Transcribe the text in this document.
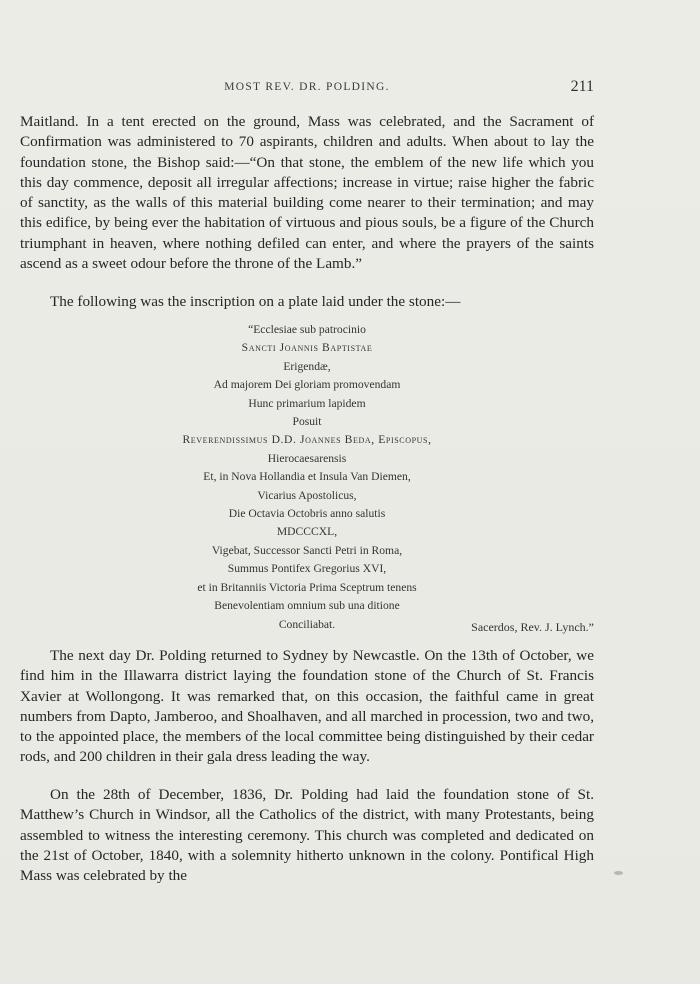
MOST REV. DR. POLDING.	211

Maitland. In a tent erected on the ground, Mass was celebrated, and the Sacrament of Confirmation was administered to 70 aspirants, children and adults. When about to lay the foundation stone, the Bishop said:—“On that stone, the emblem of the new life which you this day commence, deposit all irregular affections; increase in virtue; raise higher the fabric of sanctity, as the walls of this material building come nearer to their termination; and may this edifice, by being ever the habitation of virtuous and pious souls, be a figure of the Church triumphant in heaven, where nothing defiled can enter, and where the prayers of the saints ascend as a sweet odour before the throne of the Lamb.”

The following was the inscription on a plate laid under the stone:—

“Ecclesiae sub patrocinio
Sancti Joannis Baptistae
Erigendæ,
Ad majorem Dei gloriam promovendam
Hunc primarium lapidem
Posuit
Reverendissimus D.D. Joannes Beda, Episcopus,
Hierocaesarensis
Et, in Nova Hollandia et Insula Van Diemen,
Vicarius Apostolicus,
Die Octavia Octobris anno salutis
MDCCCXL,
Vigebat, Successor Sancti Petri in Roma,
Summus Pontifex Gregorius XVI,
et in Britanniis Victoria Prima Sceptrum tenens
Benevolentiam omnium sub una ditione
Conciliabat.	Sacerdos, Rev. J. Lynch.”

The next day Dr. Polding returned to Sydney by Newcastle. On the 13th of October, we find him in the Illawarra district laying the foundation stone of the Church of St. Francis Xavier at Wollongong. It was remarked that, on this occasion, the faithful came in great numbers from Dapto, Jamberoo, and Shoalhaven, and all marched in procession, two and two, to the appointed place, the members of the local committee being distinguished by their cedar rods, and 200 children in their gala dress leading the way.

On the 28th of December, 1836, Dr. Polding had laid the foundation stone of St. Matthew’s Church in Windsor, all the Catholics of the district, with many Protestants, being assembled to witness the interesting ceremony. This church was completed and dedicated on the 21st of October, 1840, with a solemnity hitherto unknown in the colony. Pontifical High Mass was celebrated by the
